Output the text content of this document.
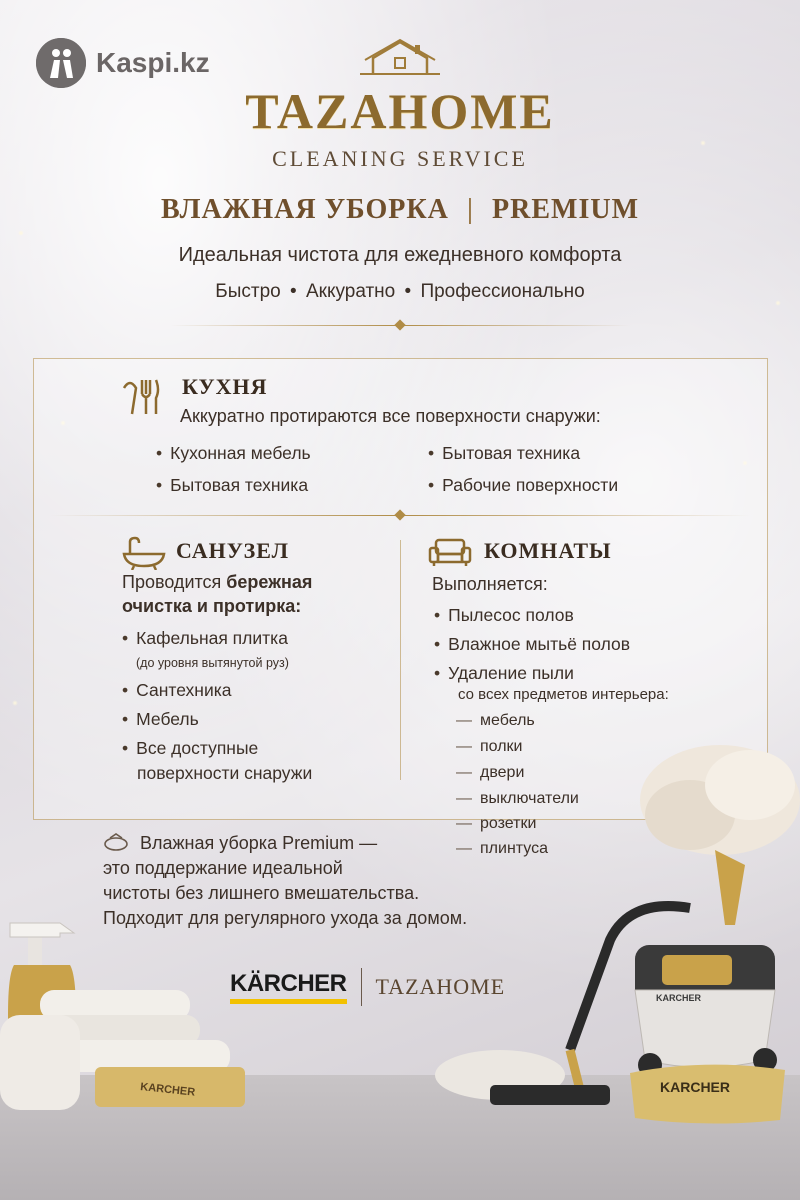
Kaspi.kz
TAZAHOME
CLEANING SERVICE
ВЛАЖНАЯ УБОРКА | PREMIUM
Идеальная чистота для ежедневного комфорта
Быстро • Аккуратно • Профессионально
КУХНЯ
Аккуратно протираются все поверхности снаружи:
• Кухонная мебель
• Бытовая техника
• Бытовая техника
• Рабочие поверхности
САНУЗЕЛ
Проводится бережная
очистка и протирка:
• Кафельная плитка
(до уровня вытянутой руз)
• Сантехника
• Мебель
• Все доступные
поверхности снаружи
КОМНАТЫ
Выполняется:
• Пылесос полов
• Влажное мытьё полов
• Удаление пыли
со всех предметов интерьера:
— мебель
— полки
— двери
— выключатели
— розетки
— плинтуса
Влажная уборка Premium —
это поддержание идеальной
чистоты без лишнего вмешательства.
Подходит для регулярного ухода за домом.
KÄRCHER TAZAHOME
KARCHER
KARCHER
KARCHER
